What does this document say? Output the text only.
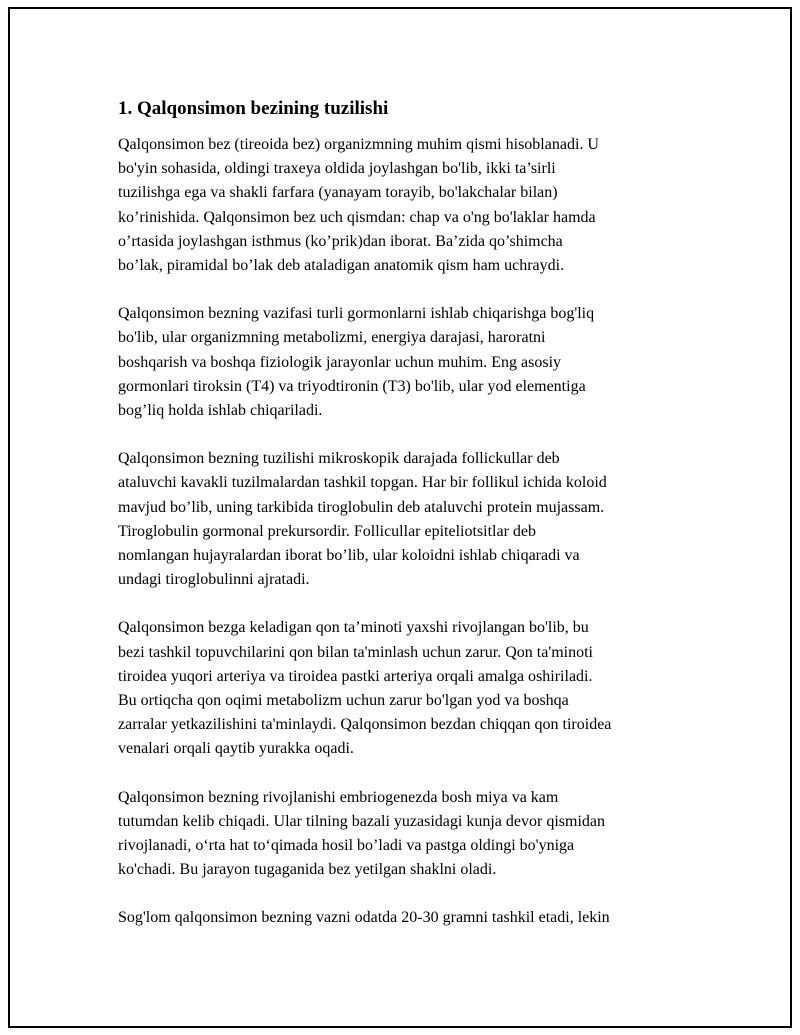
1. Qalqonsimon bezining tuzilishi

Qalqonsimon bez (tireoida bez) organizmning muhim qismi hisoblanadi. U
bo'yin sohasida, oldingi traxeya oldida joylashgan bo'lib, ikki ta’sirli
tuzilishga ega va shakli farfara (yanayam torayib, bo'lakchalar bilan)
ko’rinishida. Qalqonsimon bez uch qismdan: chap va o'ng bo'laklar hamda
o’rtasida joylashgan isthmus (ko’prik)dan iborat. Ba’zida qo’shimcha
bo’lak, piramidal bo’lak deb ataladigan anatomik qism ham uchraydi.

Qalqonsimon bezning vazifasi turli gormonlarni ishlab chiqarishga bog'liq
bo'lib, ular organizmning metabolizmi, energiya darajasi, haroratni
boshqarish va boshqa fiziologik jarayonlar uchun muhim. Eng asosiy
gormonlari tiroksin (T4) va triyodtironin (T3) bo'lib, ular yod elementiga
bog’liq holda ishlab chiqariladi.

Qalqonsimon bezning tuzilishi mikroskopik darajada follickullar deb
ataluvchi kavakli tuzilmalardan tashkil topgan. Har bir follikul ichida koloid
mavjud bo’lib, uning tarkibida tiroglobulin deb ataluvchi protein mujassam.
Tiroglobulin gormonal prekursordir. Follicullar epiteliotsitlar deb
nomlangan hujayralardan iborat bo’lib, ular koloidni ishlab chiqaradi va
undagi tiroglobulinni ajratadi.

Qalqonsimon bezga keladigan qon ta’minoti yaxshi rivojlangan bo'lib, bu
bezi tashkil topuvchilarini qon bilan ta'minlash uchun zarur. Qon ta'minoti
tiroidea yuqori arteriya va tiroidea pastki arteriya orqali amalga oshiriladi.
Bu ortiqcha qon oqimi metabolizm uchun zarur bo'lgan yod va boshqa
zarralar yetkazilishini ta'minlaydi. Qalqonsimon bezdan chiqqan qon tiroidea
venalari orqali qaytib yurakka oqadi.

Qalqonsimon bezning rivojlanishi embriogenezda bosh miya va kam
tutumdan kelib chiqadi. Ular tilning bazali yuzasidagi kunja devor qismidan
rivojlanadi, o‘rta hat to‘qimada hosil bo’ladi va pastga oldingi bo'yniga
ko'chadi. Bu jarayon tugaganida bez yetilgan shaklni oladi.

Sog'lom qalqonsimon bezning vazni odatda 20-30 gramni tashkil etadi, lekin
